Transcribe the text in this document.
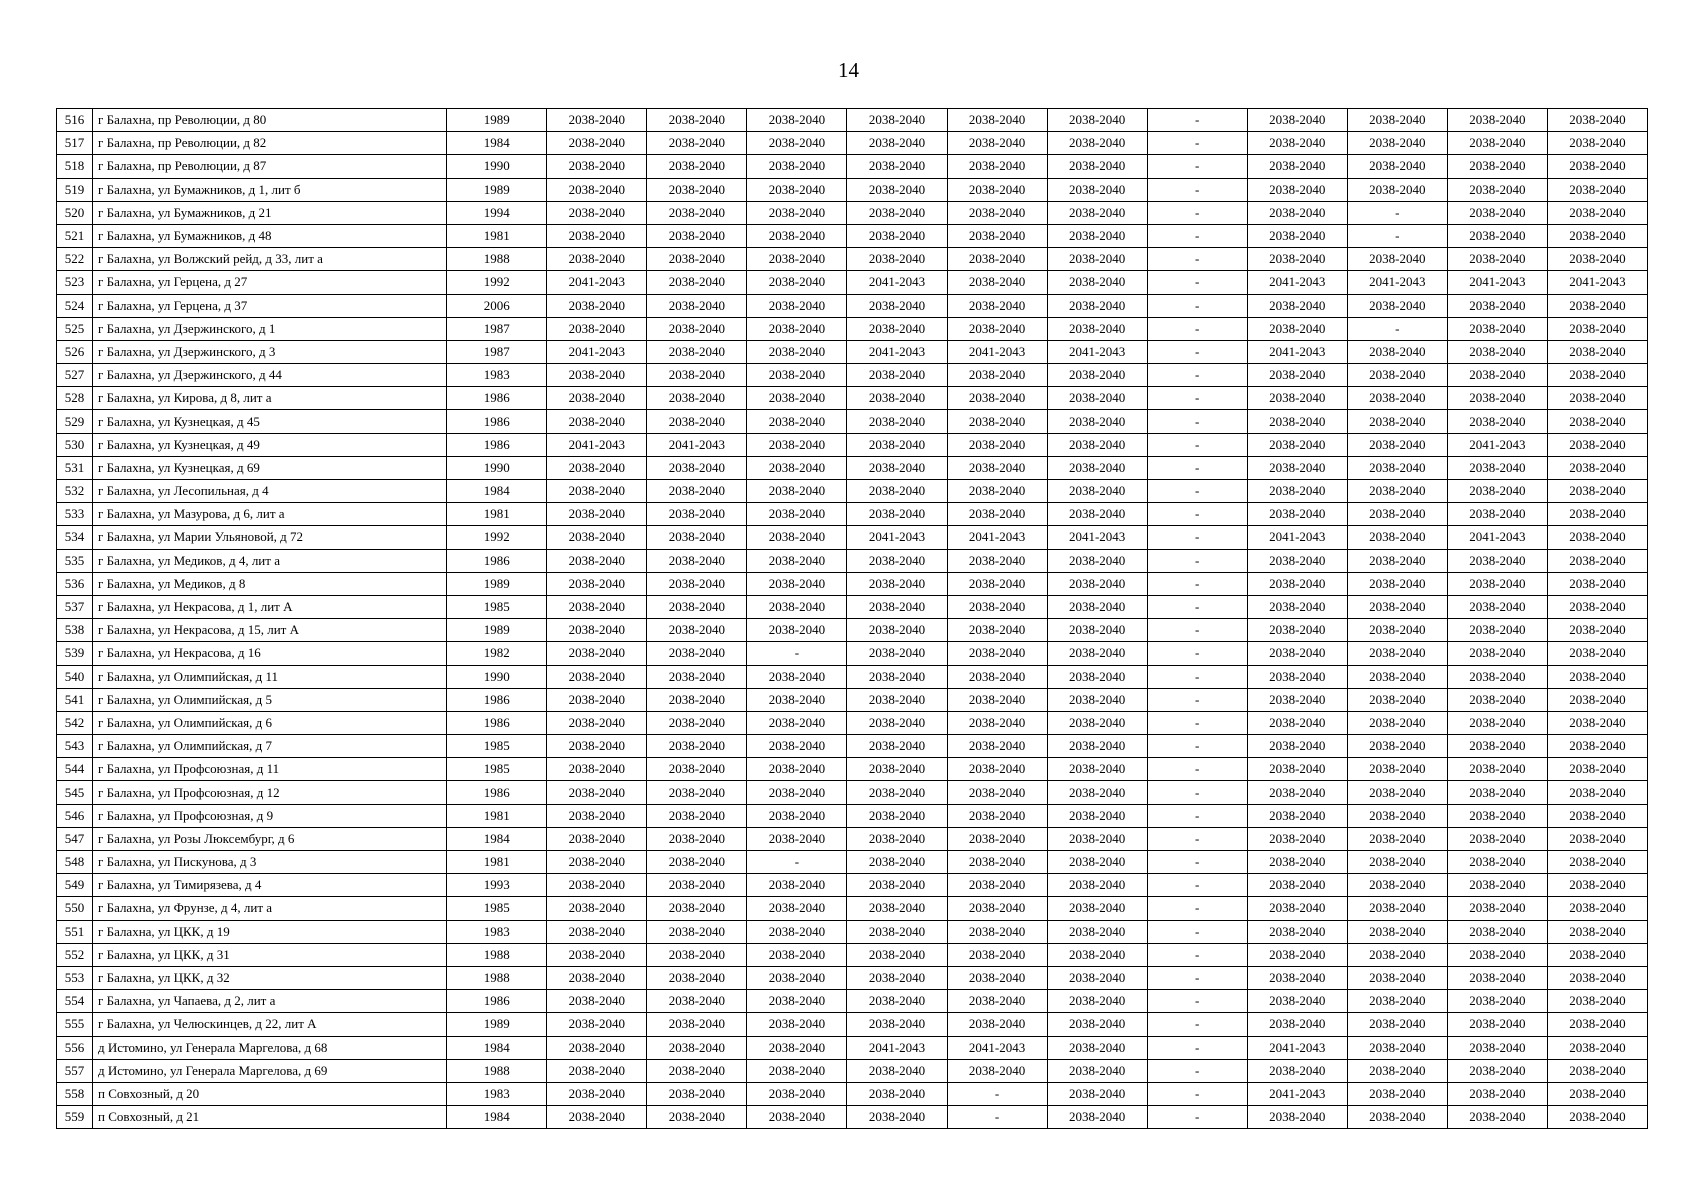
14
516	г Балахна, пр Революции, д 80	1989	2038-2040	2038-2040	2038-2040	2038-2040	2038-2040	2038-2040	-	2038-2040	2038-2040	2038-2040	2038-2040
517	г Балахна, пр Революции, д 82	1984	2038-2040	2038-2040	2038-2040	2038-2040	2038-2040	2038-2040	-	2038-2040	2038-2040	2038-2040	2038-2040
518	г Балахна, пр Революции, д 87	1990	2038-2040	2038-2040	2038-2040	2038-2040	2038-2040	2038-2040	-	2038-2040	2038-2040	2038-2040	2038-2040
519	г Балахна, ул Бумажников, д 1, лит б	1989	2038-2040	2038-2040	2038-2040	2038-2040	2038-2040	2038-2040	-	2038-2040	2038-2040	2038-2040	2038-2040
520	г Балахна, ул Бумажников, д 21	1994	2038-2040	2038-2040	2038-2040	2038-2040	2038-2040	2038-2040	-	2038-2040	-	2038-2040	2038-2040
521	г Балахна, ул Бумажников, д 48	1981	2038-2040	2038-2040	2038-2040	2038-2040	2038-2040	2038-2040	-	2038-2040	-	2038-2040	2038-2040
522	г Балахна, ул Волжский рейд, д 33, лит а	1988	2038-2040	2038-2040	2038-2040	2038-2040	2038-2040	2038-2040	-	2038-2040	2038-2040	2038-2040	2038-2040
523	г Балахна, ул Герцена, д 27	1992	2041-2043	2038-2040	2038-2040	2041-2043	2038-2040	2038-2040	-	2041-2043	2041-2043	2041-2043	2041-2043
524	г Балахна, ул Герцена, д 37	2006	2038-2040	2038-2040	2038-2040	2038-2040	2038-2040	2038-2040	-	2038-2040	2038-2040	2038-2040	2038-2040
525	г Балахна, ул Дзержинского, д 1	1987	2038-2040	2038-2040	2038-2040	2038-2040	2038-2040	2038-2040	-	2038-2040	-	2038-2040	2038-2040
526	г Балахна, ул Дзержинского, д 3	1987	2041-2043	2038-2040	2038-2040	2041-2043	2041-2043	2041-2043	-	2041-2043	2038-2040	2038-2040	2038-2040
527	г Балахна, ул Дзержинского, д 44	1983	2038-2040	2038-2040	2038-2040	2038-2040	2038-2040	2038-2040	-	2038-2040	2038-2040	2038-2040	2038-2040
528	г Балахна, ул Кирова, д 8, лит а	1986	2038-2040	2038-2040	2038-2040	2038-2040	2038-2040	2038-2040	-	2038-2040	2038-2040	2038-2040	2038-2040
529	г Балахна, ул Кузнецкая, д 45	1986	2038-2040	2038-2040	2038-2040	2038-2040	2038-2040	2038-2040	-	2038-2040	2038-2040	2038-2040	2038-2040
530	г Балахна, ул Кузнецкая, д 49	1986	2041-2043	2041-2043	2038-2040	2038-2040	2038-2040	2038-2040	-	2038-2040	2038-2040	2041-2043	2038-2040
531	г Балахна, ул Кузнецкая, д 69	1990	2038-2040	2038-2040	2038-2040	2038-2040	2038-2040	2038-2040	-	2038-2040	2038-2040	2038-2040	2038-2040
532	г Балахна, ул Лесопильная, д 4	1984	2038-2040	2038-2040	2038-2040	2038-2040	2038-2040	2038-2040	-	2038-2040	2038-2040	2038-2040	2038-2040
533	г Балахна, ул Мазурова, д 6, лит а	1981	2038-2040	2038-2040	2038-2040	2038-2040	2038-2040	2038-2040	-	2038-2040	2038-2040	2038-2040	2038-2040
534	г Балахна, ул Марии Ульяновой, д 72	1992	2038-2040	2038-2040	2038-2040	2041-2043	2041-2043	2041-2043	-	2041-2043	2038-2040	2041-2043	2038-2040
535	г Балахна, ул Медиков, д 4, лит а	1986	2038-2040	2038-2040	2038-2040	2038-2040	2038-2040	2038-2040	-	2038-2040	2038-2040	2038-2040	2038-2040
536	г Балахна, ул Медиков, д 8	1989	2038-2040	2038-2040	2038-2040	2038-2040	2038-2040	2038-2040	-	2038-2040	2038-2040	2038-2040	2038-2040
537	г Балахна, ул Некрасова, д 1, лит А	1985	2038-2040	2038-2040	2038-2040	2038-2040	2038-2040	2038-2040	-	2038-2040	2038-2040	2038-2040	2038-2040
538	г Балахна, ул Некрасова, д 15, лит А	1989	2038-2040	2038-2040	2038-2040	2038-2040	2038-2040	2038-2040	-	2038-2040	2038-2040	2038-2040	2038-2040
539	г Балахна, ул Некрасова, д 16	1982	2038-2040	2038-2040	-	2038-2040	2038-2040	2038-2040	-	2038-2040	2038-2040	2038-2040	2038-2040
540	г Балахна, ул Олимпийская, д 11	1990	2038-2040	2038-2040	2038-2040	2038-2040	2038-2040	2038-2040	-	2038-2040	2038-2040	2038-2040	2038-2040
541	г Балахна, ул Олимпийская, д 5	1986	2038-2040	2038-2040	2038-2040	2038-2040	2038-2040	2038-2040	-	2038-2040	2038-2040	2038-2040	2038-2040
542	г Балахна, ул Олимпийская, д 6	1986	2038-2040	2038-2040	2038-2040	2038-2040	2038-2040	2038-2040	-	2038-2040	2038-2040	2038-2040	2038-2040
543	г Балахна, ул Олимпийская, д 7	1985	2038-2040	2038-2040	2038-2040	2038-2040	2038-2040	2038-2040	-	2038-2040	2038-2040	2038-2040	2038-2040
544	г Балахна, ул Профсоюзная, д 11	1985	2038-2040	2038-2040	2038-2040	2038-2040	2038-2040	2038-2040	-	2038-2040	2038-2040	2038-2040	2038-2040
545	г Балахна, ул Профсоюзная, д 12	1986	2038-2040	2038-2040	2038-2040	2038-2040	2038-2040	2038-2040	-	2038-2040	2038-2040	2038-2040	2038-2040
546	г Балахна, ул Профсоюзная, д 9	1981	2038-2040	2038-2040	2038-2040	2038-2040	2038-2040	2038-2040	-	2038-2040	2038-2040	2038-2040	2038-2040
547	г Балахна, ул Розы Люксембург, д 6	1984	2038-2040	2038-2040	2038-2040	2038-2040	2038-2040	2038-2040	-	2038-2040	2038-2040	2038-2040	2038-2040
548	г Балахна, ул Пискунова, д 3	1981	2038-2040	2038-2040	-	2038-2040	2038-2040	2038-2040	-	2038-2040	2038-2040	2038-2040	2038-2040
549	г Балахна, ул Тимирязева, д 4	1993	2038-2040	2038-2040	2038-2040	2038-2040	2038-2040	2038-2040	-	2038-2040	2038-2040	2038-2040	2038-2040
550	г Балахна, ул Фрунзе, д 4, лит а	1985	2038-2040	2038-2040	2038-2040	2038-2040	2038-2040	2038-2040	-	2038-2040	2038-2040	2038-2040	2038-2040
551	г Балахна, ул ЦКК, д 19	1983	2038-2040	2038-2040	2038-2040	2038-2040	2038-2040	2038-2040	-	2038-2040	2038-2040	2038-2040	2038-2040
552	г Балахна, ул ЦКК, д 31	1988	2038-2040	2038-2040	2038-2040	2038-2040	2038-2040	2038-2040	-	2038-2040	2038-2040	2038-2040	2038-2040
553	г Балахна, ул ЦКК, д 32	1988	2038-2040	2038-2040	2038-2040	2038-2040	2038-2040	2038-2040	-	2038-2040	2038-2040	2038-2040	2038-2040
554	г Балахна, ул Чапаева, д 2, лит а	1986	2038-2040	2038-2040	2038-2040	2038-2040	2038-2040	2038-2040	-	2038-2040	2038-2040	2038-2040	2038-2040
555	г Балахна, ул Челюскинцев, д 22, лит А	1989	2038-2040	2038-2040	2038-2040	2038-2040	2038-2040	2038-2040	-	2038-2040	2038-2040	2038-2040	2038-2040
556	д Истомино, ул Генерала Маргелова, д 68	1984	2038-2040	2038-2040	2038-2040	2041-2043	2041-2043	2038-2040	-	2041-2043	2038-2040	2038-2040	2038-2040
557	д Истомино, ул Генерала Маргелова, д 69	1988	2038-2040	2038-2040	2038-2040	2038-2040	2038-2040	2038-2040	-	2038-2040	2038-2040	2038-2040	2038-2040
558	п Совхозный, д 20	1983	2038-2040	2038-2040	2038-2040	2038-2040	-	2038-2040	-	2041-2043	2038-2040	2038-2040	2038-2040
559	п Совхозный, д 21	1984	2038-2040	2038-2040	2038-2040	2038-2040	-	2038-2040	-	2038-2040	2038-2040	2038-2040	2038-2040
